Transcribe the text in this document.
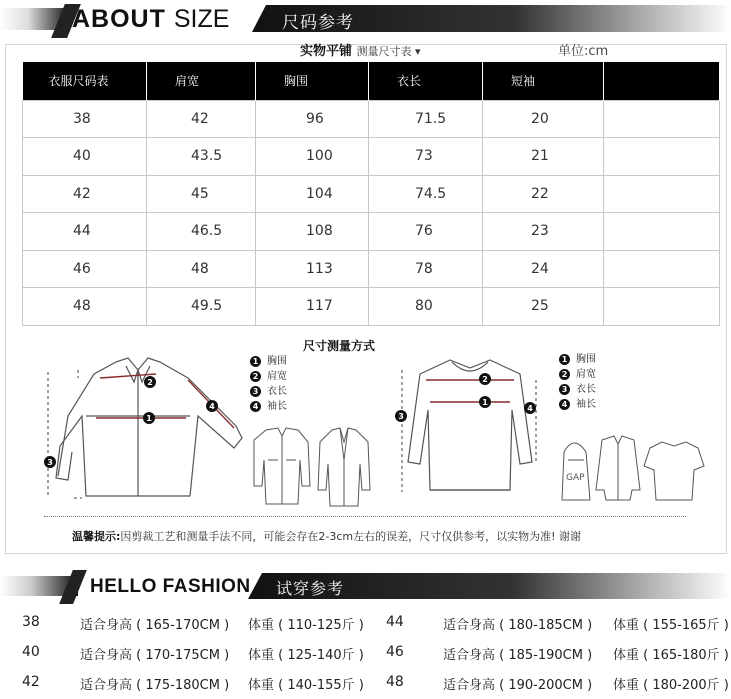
ABOUT SIZE	尺码参考
实物平铺 测量尺寸表 ▾	单位:cm
衣服尺码表	肩宽	胸围	衣长	短袖	
38	42	96	71.5	20	
40	43.5	100	73	21	
42	45	104	74.5	22	
44	46.5	108	76	23	
46	48	113	78	24	
48	49.5	117	80	25	
尺寸测量方式
1
2
3
4
1 胸围
2 肩宽
3 衣长
4 袖长	1
2
3
4
GAP
1 胸围
2 肩宽
3 衣长
4 袖长
温馨提示:因剪裁工艺和测量手法不同，可能会存在2-3cm左右的误差，尺寸仅供参考，以实物为准! 谢谢
HELLO FASHION 试穿参考
38	适合身高 ( 165-170CM ) 体重 ( 110-125斤 ) 44	适合身高 ( 180-185CM ) 体重 ( 155-165斤 )
40	适合身高 ( 170-175CM ) 体重 ( 125-140斤 ) 46	适合身高 ( 185-190CM ) 体重 ( 165-180斤 )
42	适合身高 ( 175-180CM ) 体重 ( 140-155斤 ) 48	适合身高 ( 190-200CM ) 体重 ( 180-200斤 )
